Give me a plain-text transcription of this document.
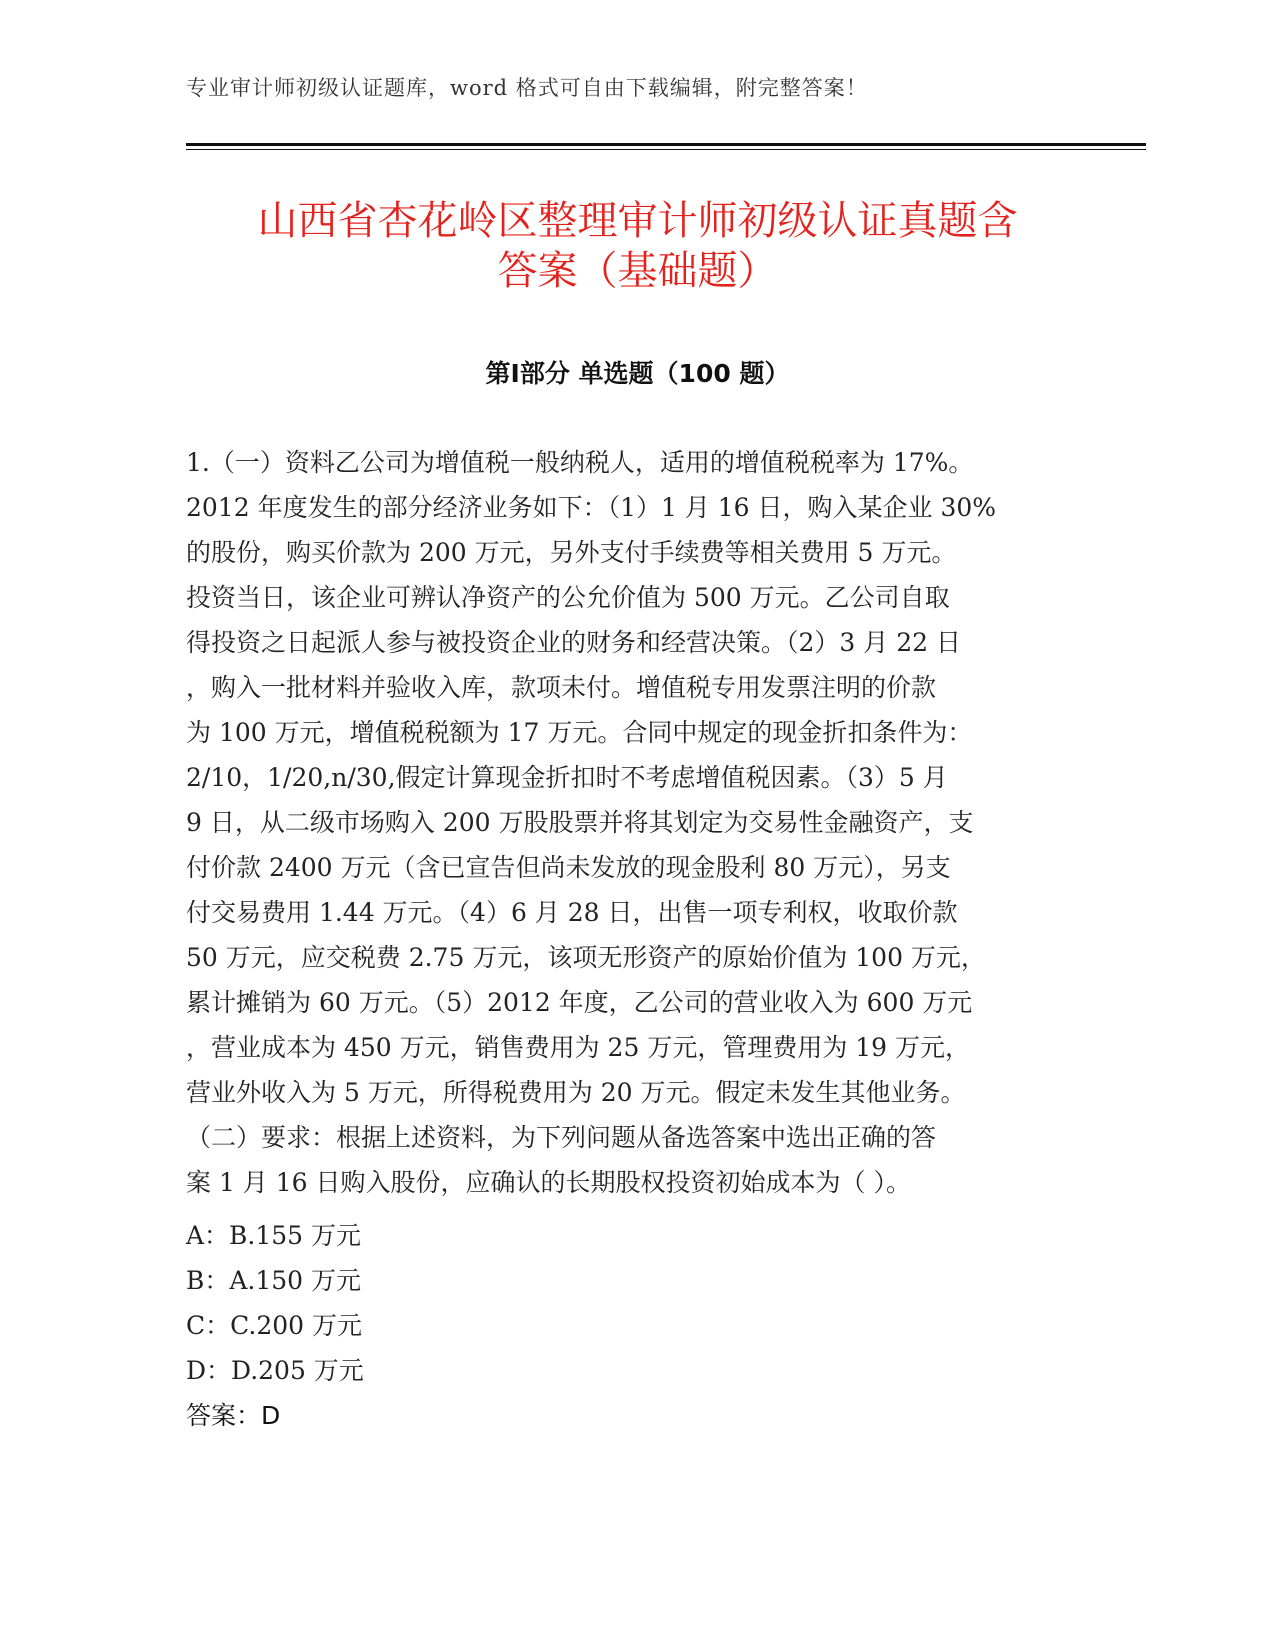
专业审计师初级认证题库，word 格式可自由下载编辑，附完整答案！
山西省杏花岭区整理审计师初级认证真题含
答案（基础题）
第Ⅰ部分 单选题（100 题）
1.（一）资料乙公司为增值税一般纳税人，适用的增值税税率为 17%。
2012 年度发生的部分经济业务如下：（1）1 月 16 日，购入某企业 30%
的股份，购买价款为 200 万元，另外支付手续费等相关费用 5 万元。
投资当日，该企业可辨认净资产的公允价值为 500 万元。乙公司自取
得投资之日起派人参与被投资企业的财务和经营决策。（2）3 月 22 日
，购入一批材料并验收入库，款项未付。增值税专用发票注明的价款
为 100 万元，增值税税额为 17 万元。合同中规定的现金折扣条件为：
2/10，1/20,n/30,假定计算现金折扣时不考虑增值税因素。（3）5 月
9 日，从二级市场购入 200 万股股票并将其划定为交易性金融资产，支
付价款 2400 万元（含已宣告但尚未发放的现金股利 80 万元），另支
付交易费用 1.44 万元。（4）6 月 28 日，出售一项专利权，收取价款
50 万元，应交税费 2.75 万元，该项无形资产的原始价值为 100 万元，
累计摊销为 60 万元。（5）2012 年度，乙公司的营业收入为 600 万元
，营业成本为 450 万元，销售费用为 25 万元，管理费用为 19 万元，
营业外收入为 5 万元，所得税费用为 20 万元。假定未发生其他业务。
（二）要求：根据上述资料，为下列问题从备选答案中选出正确的答
案 1 月 16 日购入股份，应确认的长期股权投资初始成本为（ ）。
A：B.155 万元
B：A.150 万元
C：C.200 万元
D：D.205 万元
答案：D
